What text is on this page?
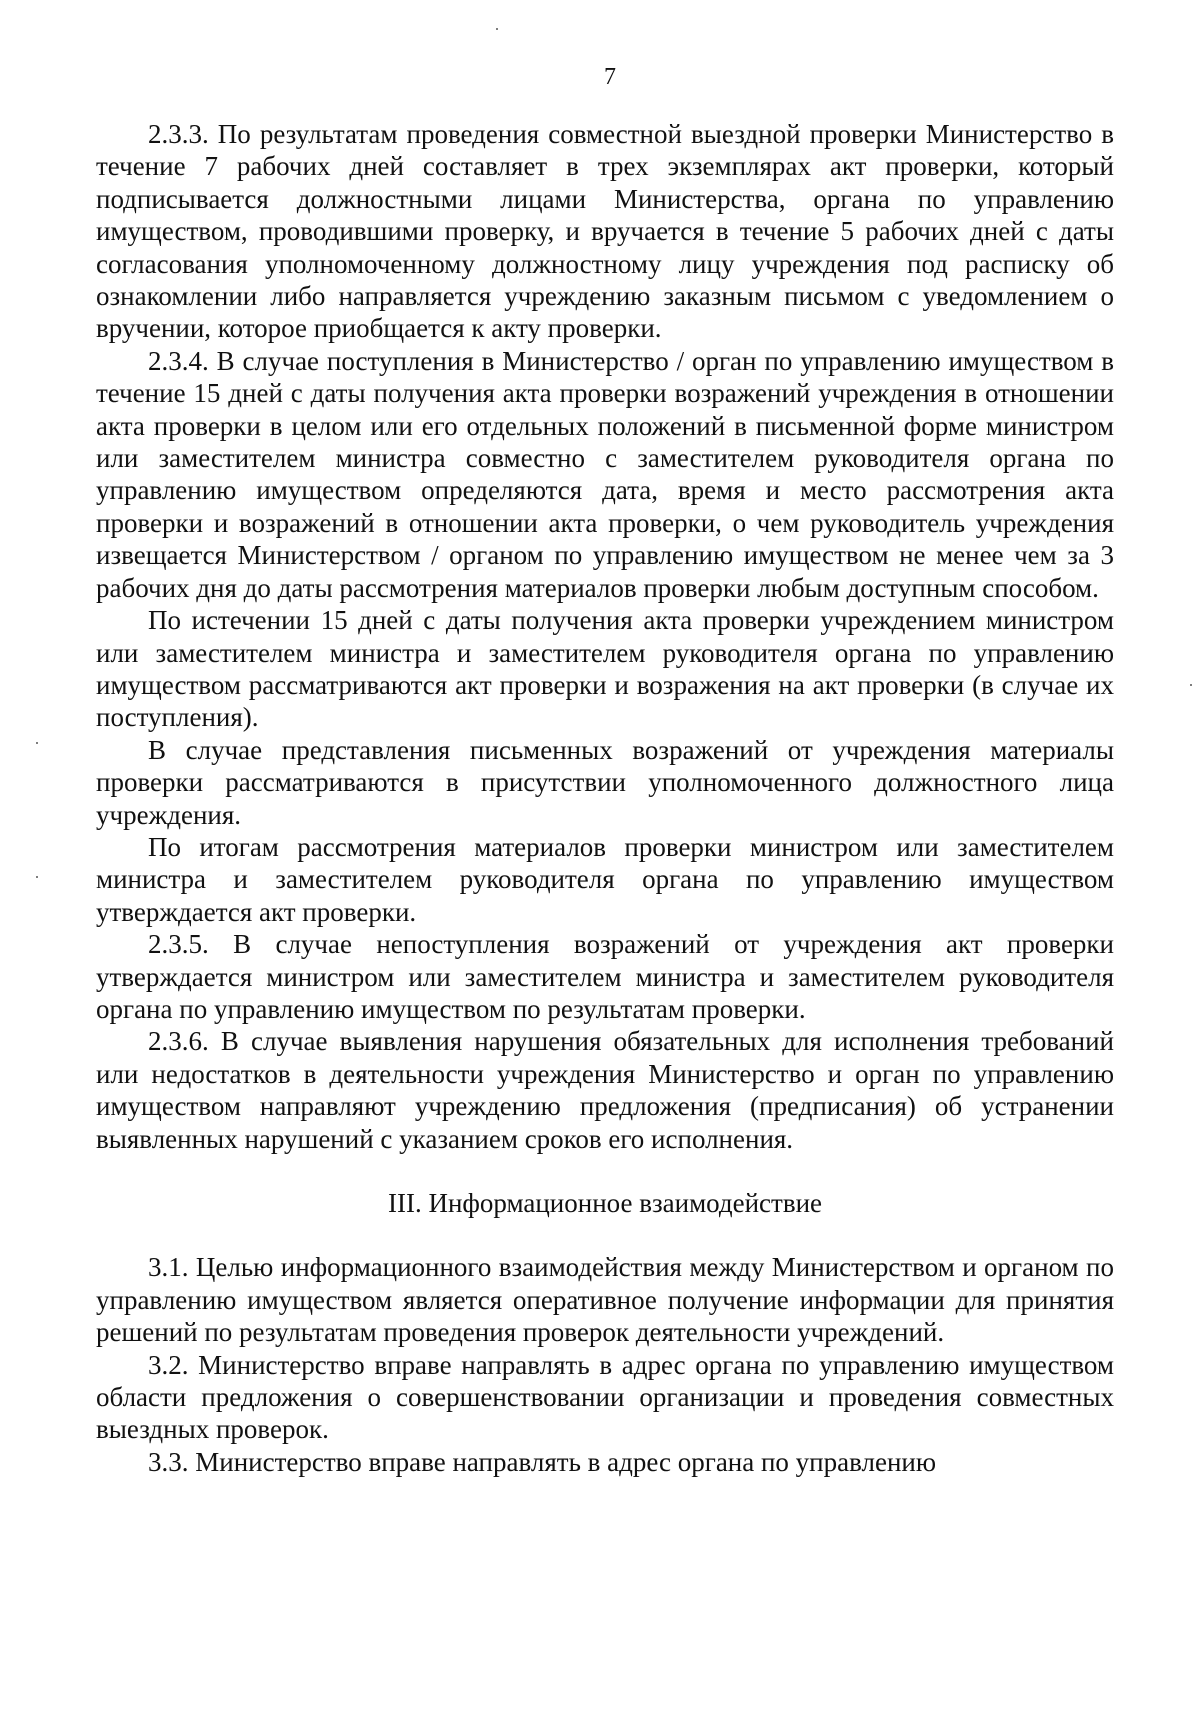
7

2.3.3. По результатам проведения совместной выездной проверки Министерство в течение 7 рабочих дней составляет в трех экземплярах акт проверки, который подписывается должностными лицами Министерства, органа по управлению имуществом, проводившими проверку, и вручается в течение 5 рабочих дней с даты согласования уполномоченному должностному лицу учреждения под расписку об ознакомлении либо направляется учреждению заказным письмом с уведомлением о вручении, которое приобщается к акту проверки.

2.3.4. В случае поступления в Министерство / орган по управлению имуществом в течение 15 дней с даты получения акта проверки возражений учреждения в отношении акта проверки в целом или его отдельных положений в письменной форме министром или заместителем министра совместно с заместителем руководителя органа по управлению имуществом определяются дата, время и место рассмотрения акта проверки и возражений в отношении акта проверки, о чем руководитель учреждения извещается Министерством / органом по управлению имуществом не менее чем за 3 рабочих дня до даты рассмотрения материалов проверки любым доступным способом.

По истечении 15 дней с даты получения акта проверки учреждением министром или заместителем министра и заместителем руководителя органа по управлению имуществом рассматриваются акт проверки и возражения на акт проверки (в случае их поступления).

В случае представления письменных возражений от учреждения материалы проверки рассматриваются в присутствии уполномоченного должностного лица учреждения.

По итогам рассмотрения материалов проверки министром или заместителем министра и заместителем руководителя органа по управлению имуществом утверждается акт проверки.

2.3.5. В случае непоступления возражений от учреждения акт проверки утверждается министром или заместителем министра и заместителем руководителя органа по управлению имуществом по результатам проверки.

2.3.6. В случае выявления нарушения обязательных для исполнения требований или недостатков в деятельности учреждения Министерство и орган по управлению имуществом направляют учреждению предложения (предписания) об устранении выявленных нарушений с указанием сроков его исполнения.

III. Информационное взаимодействие

3.1. Целью информационного взаимодействия между Министерством и органом по управлению имуществом является оперативное получение информации для принятия решений по результатам проведения проверок деятельности учреждений.

3.2. Министерство вправе направлять в адрес органа по управлению имуществом области предложения о совершенствовании организации и проведения совместных выездных проверок.

3.3. Министерство вправе направлять в адрес органа по управлению
